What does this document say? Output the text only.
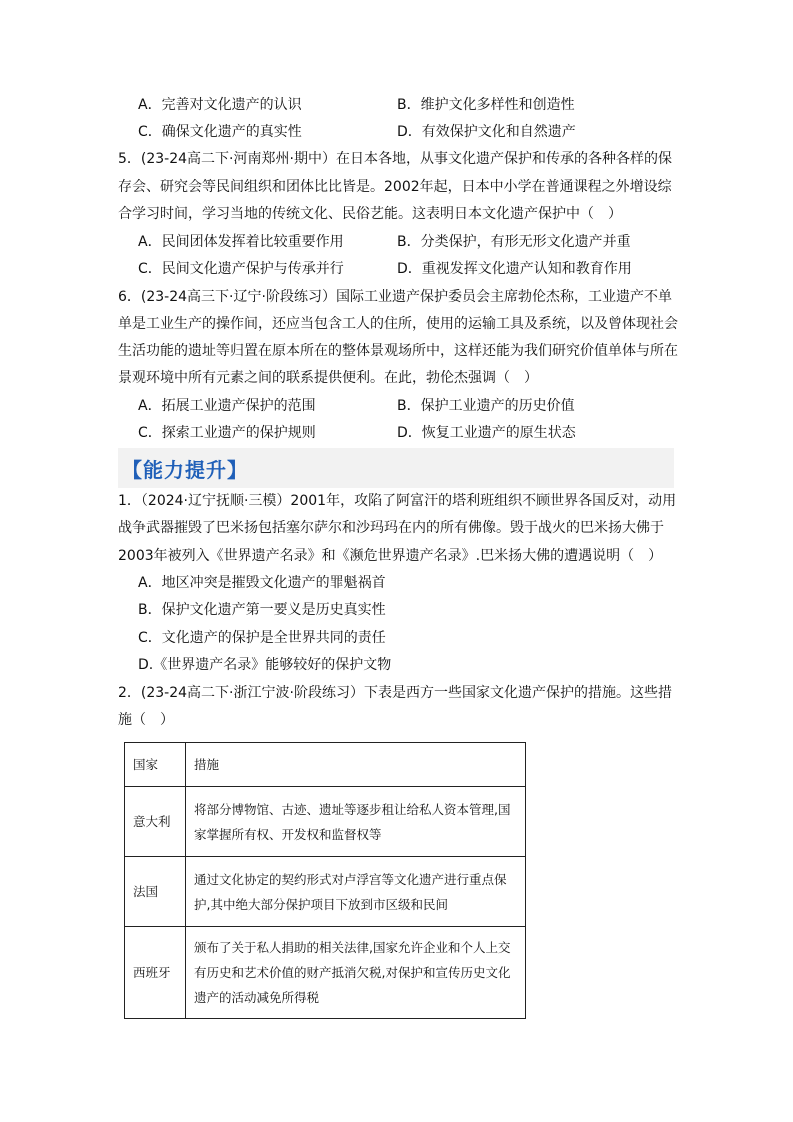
A．完善对文化遗产的认识	B．维护文化多样性和创造性
C．确保文化遗产的真实性	D．有效保护文化和自然遗产
5．(23-24高二下·河南郑州·期中）在日本各地，从事文化遗产保护和传承的各种各样的保
存会、研究会等民间组织和团体比比皆是。2002年起，日本中小学在普通课程之外增设综
合学习时间，学习当地的传统文化、民俗艺能。这表明日本文化遗产保护中（　）
A．民间团体发挥着比较重要作用	B．分类保护，有形无形文化遗产并重
C．民间文化遗产保护与传承并行	D．重视发挥文化遗产认知和教育作用
6．(23-24高三下·辽宁·阶段练习）国际工业遗产保护委员会主席勃伦杰称，工业遗产不单
单是工业生产的操作间，还应当包含工人的住所，使用的运输工具及系统，以及曾体现社会
生活功能的遗址等归置在原本所在的整体景观场所中，这样还能为我们研究价值单体与所在
景观环境中所有元素之间的联系提供便利。在此，勃伦杰强调（　）
A．拓展工业遗产保护的范围	B．保护工业遗产的历史价值
C．探索工业遗产的保护规则	D．恢复工业遗产的原生状态
【能力提升】
1．（2024·辽宁抚顺·三模）2001年，攻陷了阿富汗的塔利班组织不顾世界各国反对，动用
战争武器摧毁了巴米扬包括塞尔萨尔和沙玛玛在内的所有佛像。毁于战火的巴米扬大佛于
2003年被列入《世界遗产名录》和《濒危世界遗产名录》.巴米扬大佛的遭遇说明（　）
A．地区冲突是摧毁文化遗产的罪魁祸首
B．保护文化遗产第一要义是历史真实性
C．文化遗产的保护是全世界共同的责任
D.《世界遗产名录》能够较好的保护文物
2．(23-24高二下·浙江宁波·阶段练习）下表是西方一些国家文化遗产保护的措施。这些措
施（　）
国家	措施
意大利	将部分博物馆、古迹、遗址等逐步租让给私人资本管理,国
家掌握所有权、开发权和监督权等

法国	通过文化协定的契约形式对卢浮宫等文化遗产进行重点保
护,其中绝大部分保护项目下放到市区级和民间

西班牙	颁布了关于私人捐助的相关法律,国家允许企业和个人上交
有历史和艺术价值的财产抵消欠税,对保护和宣传历史文化
遗产的活动减免所得税
